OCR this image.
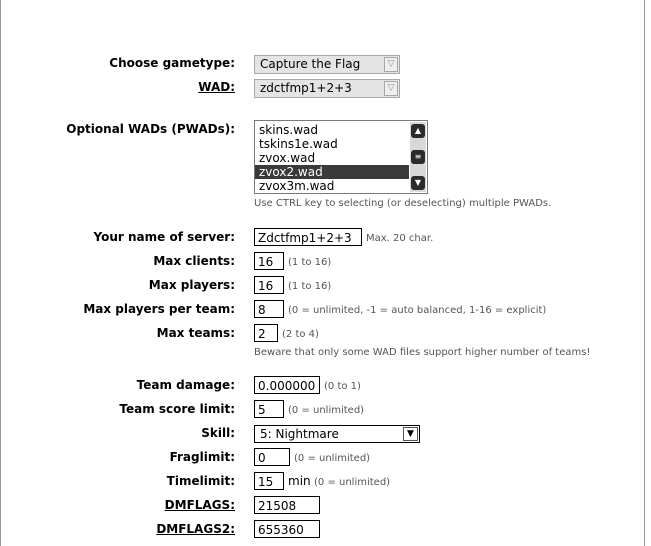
Choose gametype:	Capture the Flag	▽
WAD:	zdctfmp1+2+3	▽
Optional WADs (PWADs):	skins.wad
tskins1e.wad
zvox.wad
zvox2.wad
zvox3m.wad
▲
≡
▼
Use CTRL key to selecting (or deselecting) multiple PWADs.
Your name of server:	Zdctfmp1+2+3	Max. 20 char.
Max clients:	16	(1 to 16)
Max players:	16	(1 to 16)
Max players per team:	8	(0 = unlimited, -1 = auto balanced, 1-16 = explicit)
Max teams:	2	(2 to 4)
Beware that only some WAD files support higher number of teams!
Team damage:	0.000000 (0 to 1)
Team score limit:	5	(0 = unlimited)
Skill:	5: Nightmare	▼
Fraglimit:	0	(0 = unlimited)
Timelimit:	15	min (0 = unlimited)
DMFLAGS:	21508
DMFLAGS2:	655360
